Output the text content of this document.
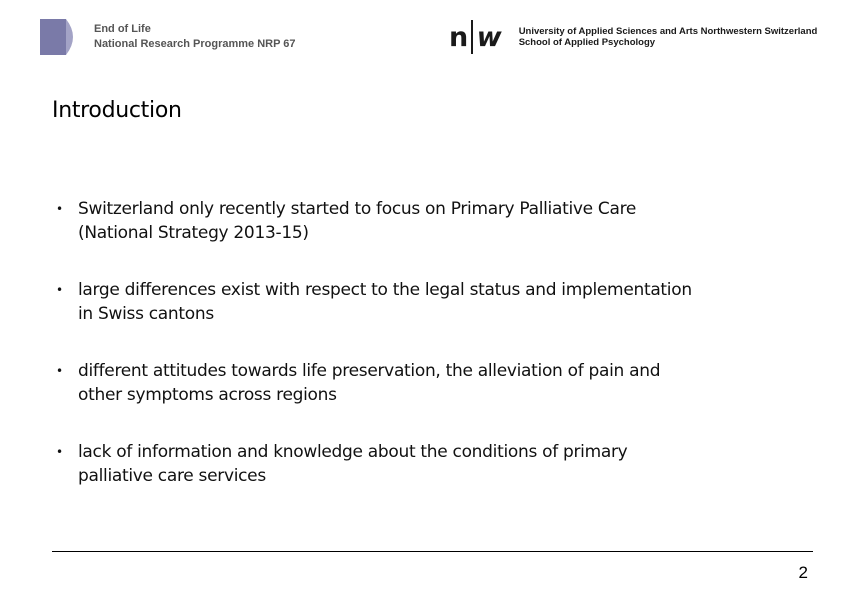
End of Life
National Research Programme NRP 67	n w University of Applied Sciences and Arts Northwestern Switzerland
School of Applied Psychology
Introduction
• Switzerland only recently started to focus on Primary Palliative Care
(National Strategy 2013-15)
• large differences exist with respect to the legal status and implementation
in Swiss cantons
• different attitudes towards life preservation, the alleviation of pain and
other symptoms across regions
• lack of information and knowledge about the conditions of primary
palliative care services
2
